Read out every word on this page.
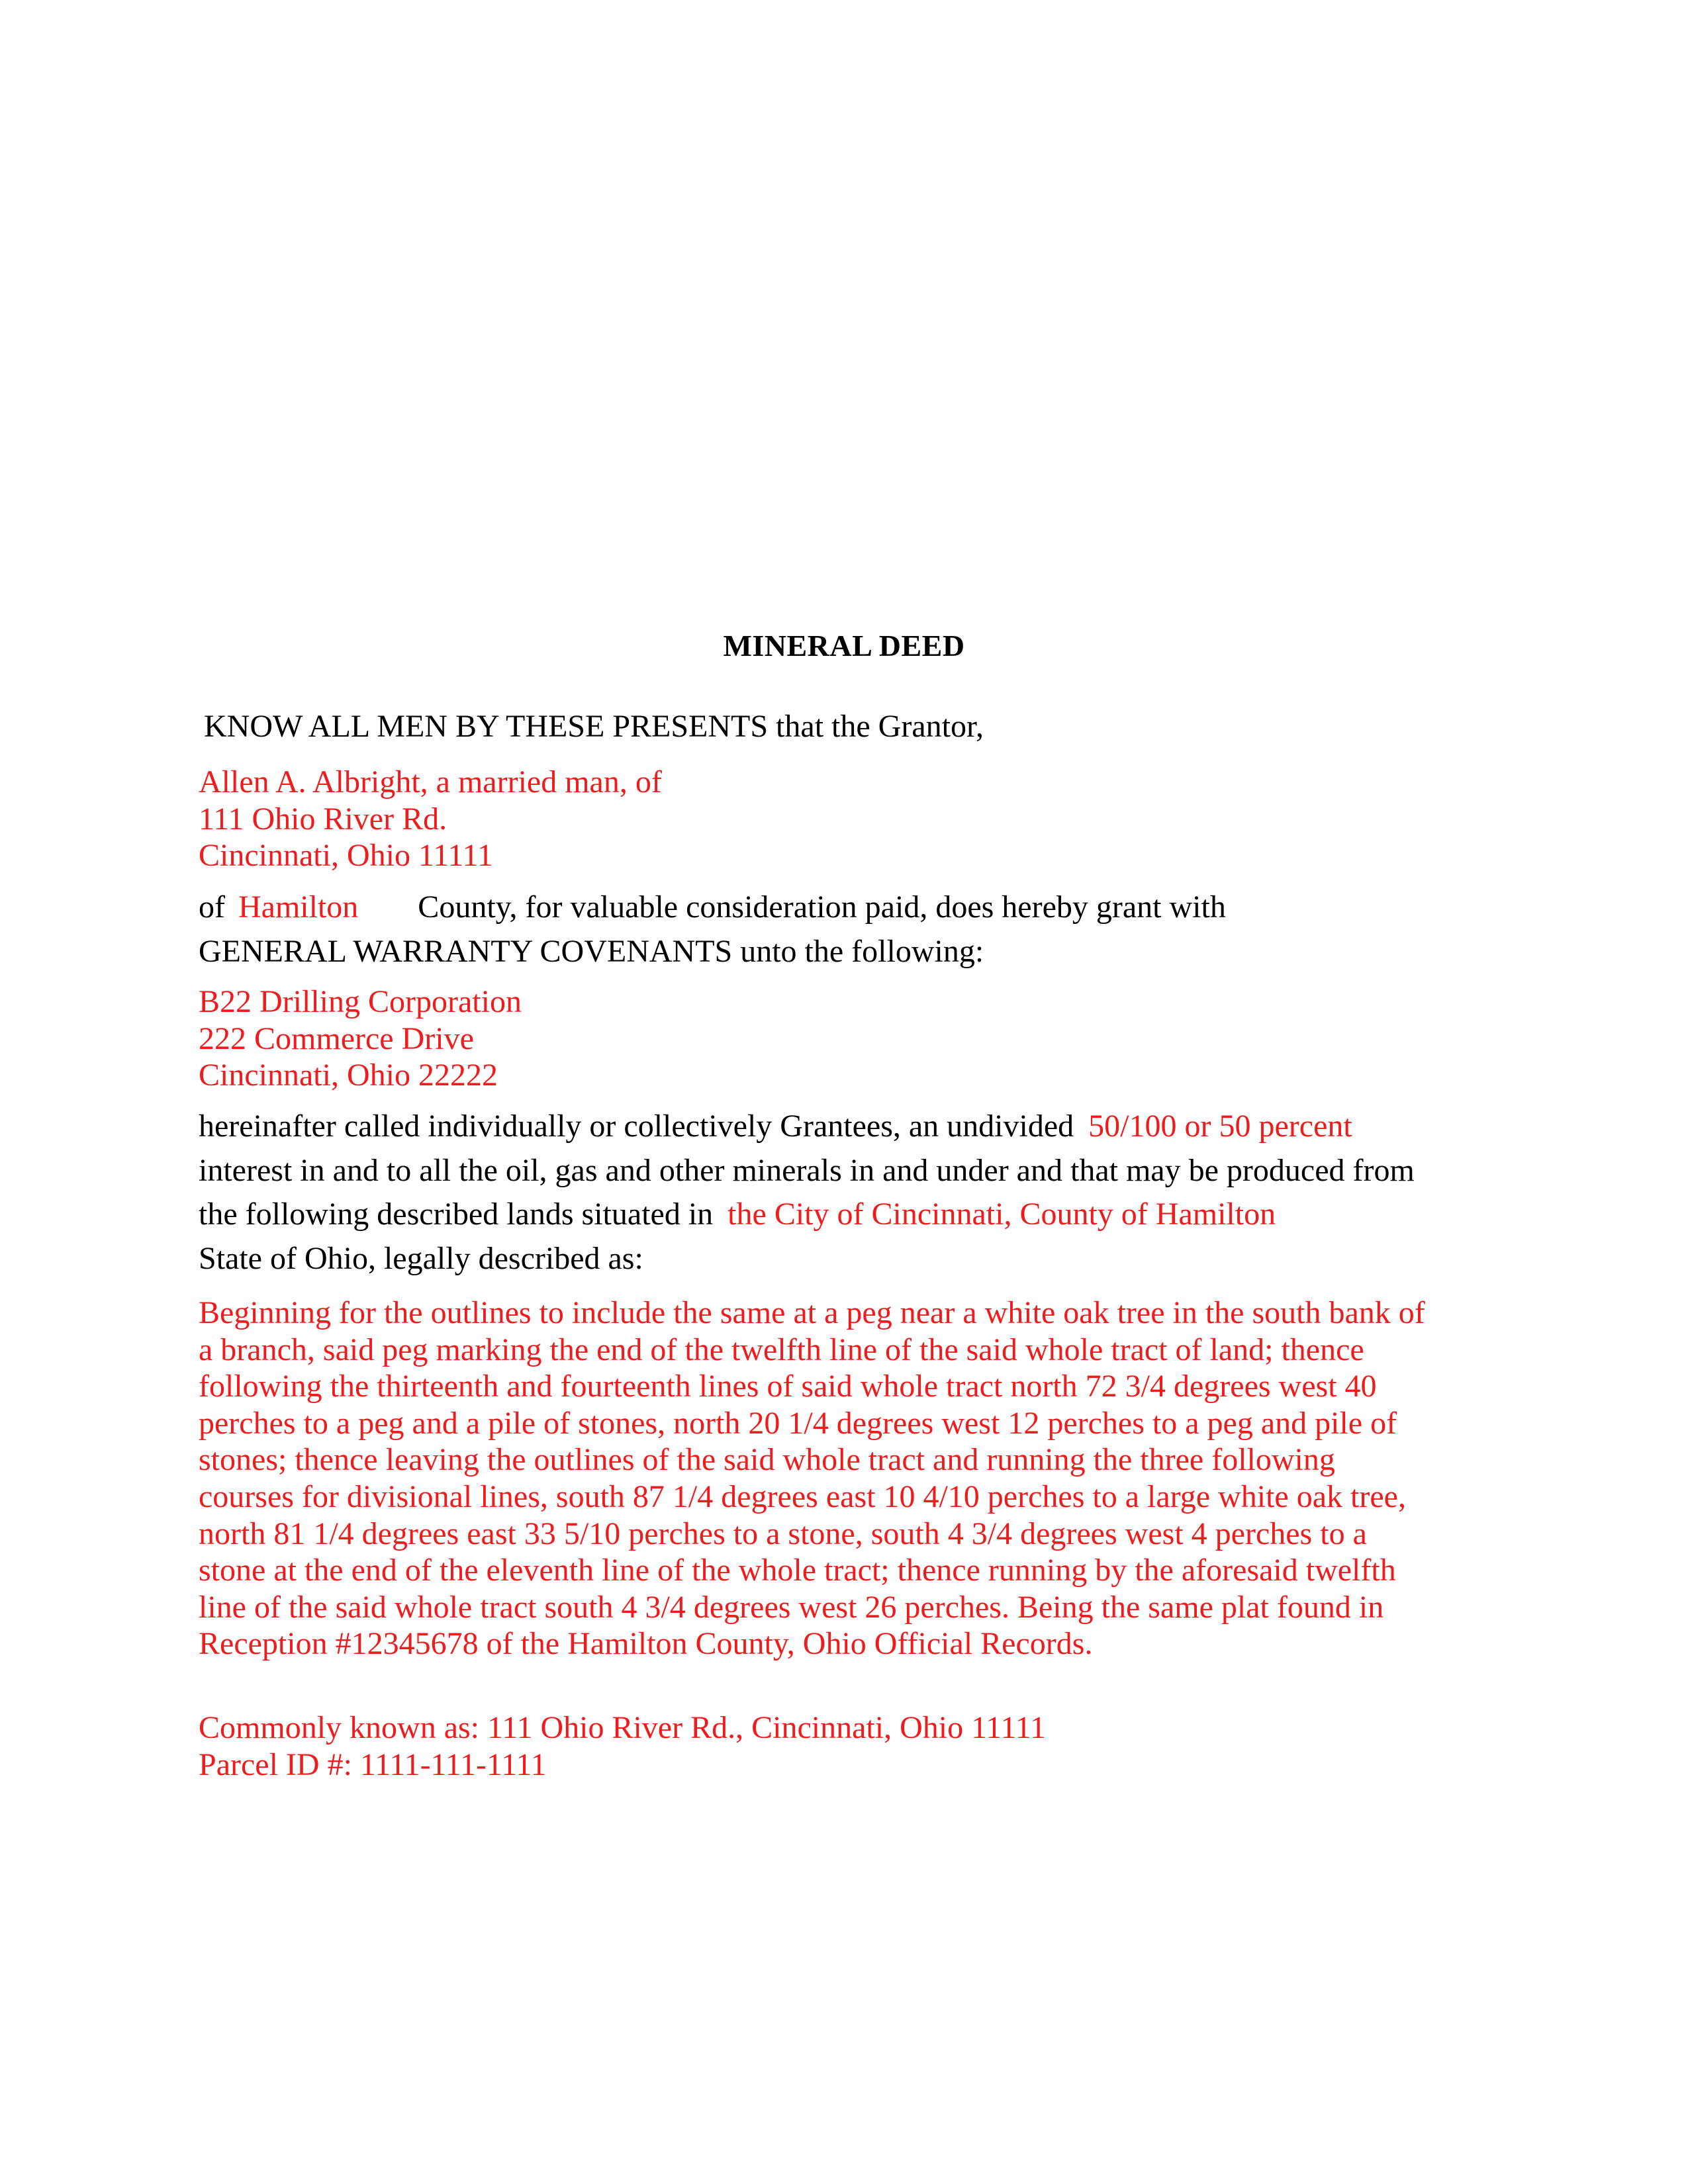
MINERAL DEED
KNOW ALL MEN BY THESE PRESENTS that the Grantor,
Allen A. Albright, a married man, of
111 Ohio River Rd.
Cincinnati, Ohio 11111
of Hamilton County, for valuable consideration paid, does hereby grant with
GENERAL WARRANTY COVENANTS unto the following:
B22 Drilling Corporation
222 Commerce Drive
Cincinnati, Ohio 22222
hereinafter called individually or collectively Grantees, an undivided 50/100 or 50 percent
interest in and to all the oil, gas and other minerals in and under and that may be produced from
the following described lands situated in the City of Cincinnati, County of Hamilton
State of Ohio, legally described as:
Beginning for the outlines to include the same at a peg near a white oak tree in the south bank of
a branch, said peg marking the end of the twelfth line of the said whole tract of land; thence
following the thirteenth and fourteenth lines of said whole tract north 72 3/4 degrees west 40
perches to a peg and a pile of stones, north 20 1/4 degrees west 12 perches to a peg and pile of
stones; thence leaving the outlines of the said whole tract and running the three following
courses for divisional lines, south 87 1/4 degrees east 10 4/10 perches to a large white oak tree,
north 81 1/4 degrees east 33 5/10 perches to a stone, south 4 3/4 degrees west 4 perches to a
stone at the end of the eleventh line of the whole tract; thence running by the aforesaid twelfth
line of the said whole tract south 4 3/4 degrees west 26 perches. Being the same plat found in
Reception #12345678 of the Hamilton County, Ohio Official Records.
Commonly known as: 111 Ohio River Rd., Cincinnati, Ohio 11111
Parcel ID #: 1111-111-1111
